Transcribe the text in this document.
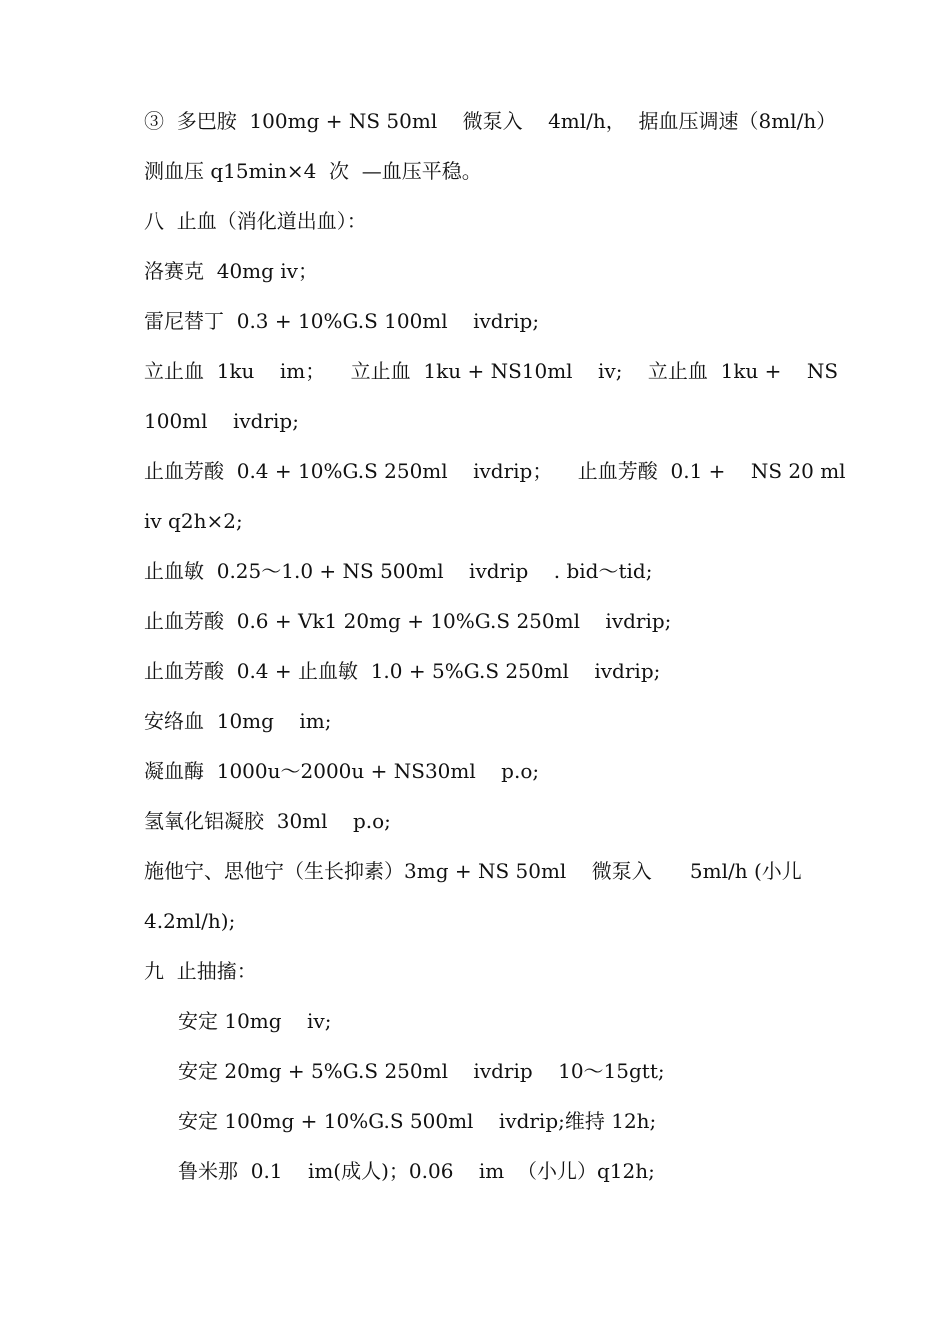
③  多巴胺  100mg + NS 50ml    微泵入    4ml/h，  据血压调速（8ml/h）
测血压 q15min×4  次  —血压平稳。
八  止血（消化道出血）：
洛赛克  40mg iv；
雷尼替丁  0.3 + 10%G.S 100ml    ivdrip;
立止血  1ku    im；    立止血  1ku + NS10ml    iv;    立止血  1ku +    NS
100ml    ivdrip;
止血芳酸  0.4 + 10%G.S 250ml    ivdrip；    止血芳酸  0.1 +    NS 20 ml
iv q2h×2;
止血敏  0.25～1.0 + NS 500ml    ivdrip    . bid～tid;
止血芳酸  0.6 + Vk1 20mg + 10%G.S 250ml    ivdrip;
止血芳酸  0.4 + 止血敏  1.0 + 5%G.S 250ml    ivdrip;
安络血  10mg    im;
凝血酶  1000u～2000u + NS30ml    p.o;
氢氧化铝凝胶  30ml    p.o;
施他宁、思他宁（生长抑素）3mg + NS 50ml    微泵入      5ml/h (小儿
4.2ml/h);
九  止抽搐：
安定 10mg    iv;
安定 20mg + 5%G.S 250ml    ivdrip    10～15gtt;
安定 100mg + 10%G.S 500ml    ivdrip;维持 12h;
鲁米那  0.1    im(成人)；0.06    im  （小儿）q12h;
